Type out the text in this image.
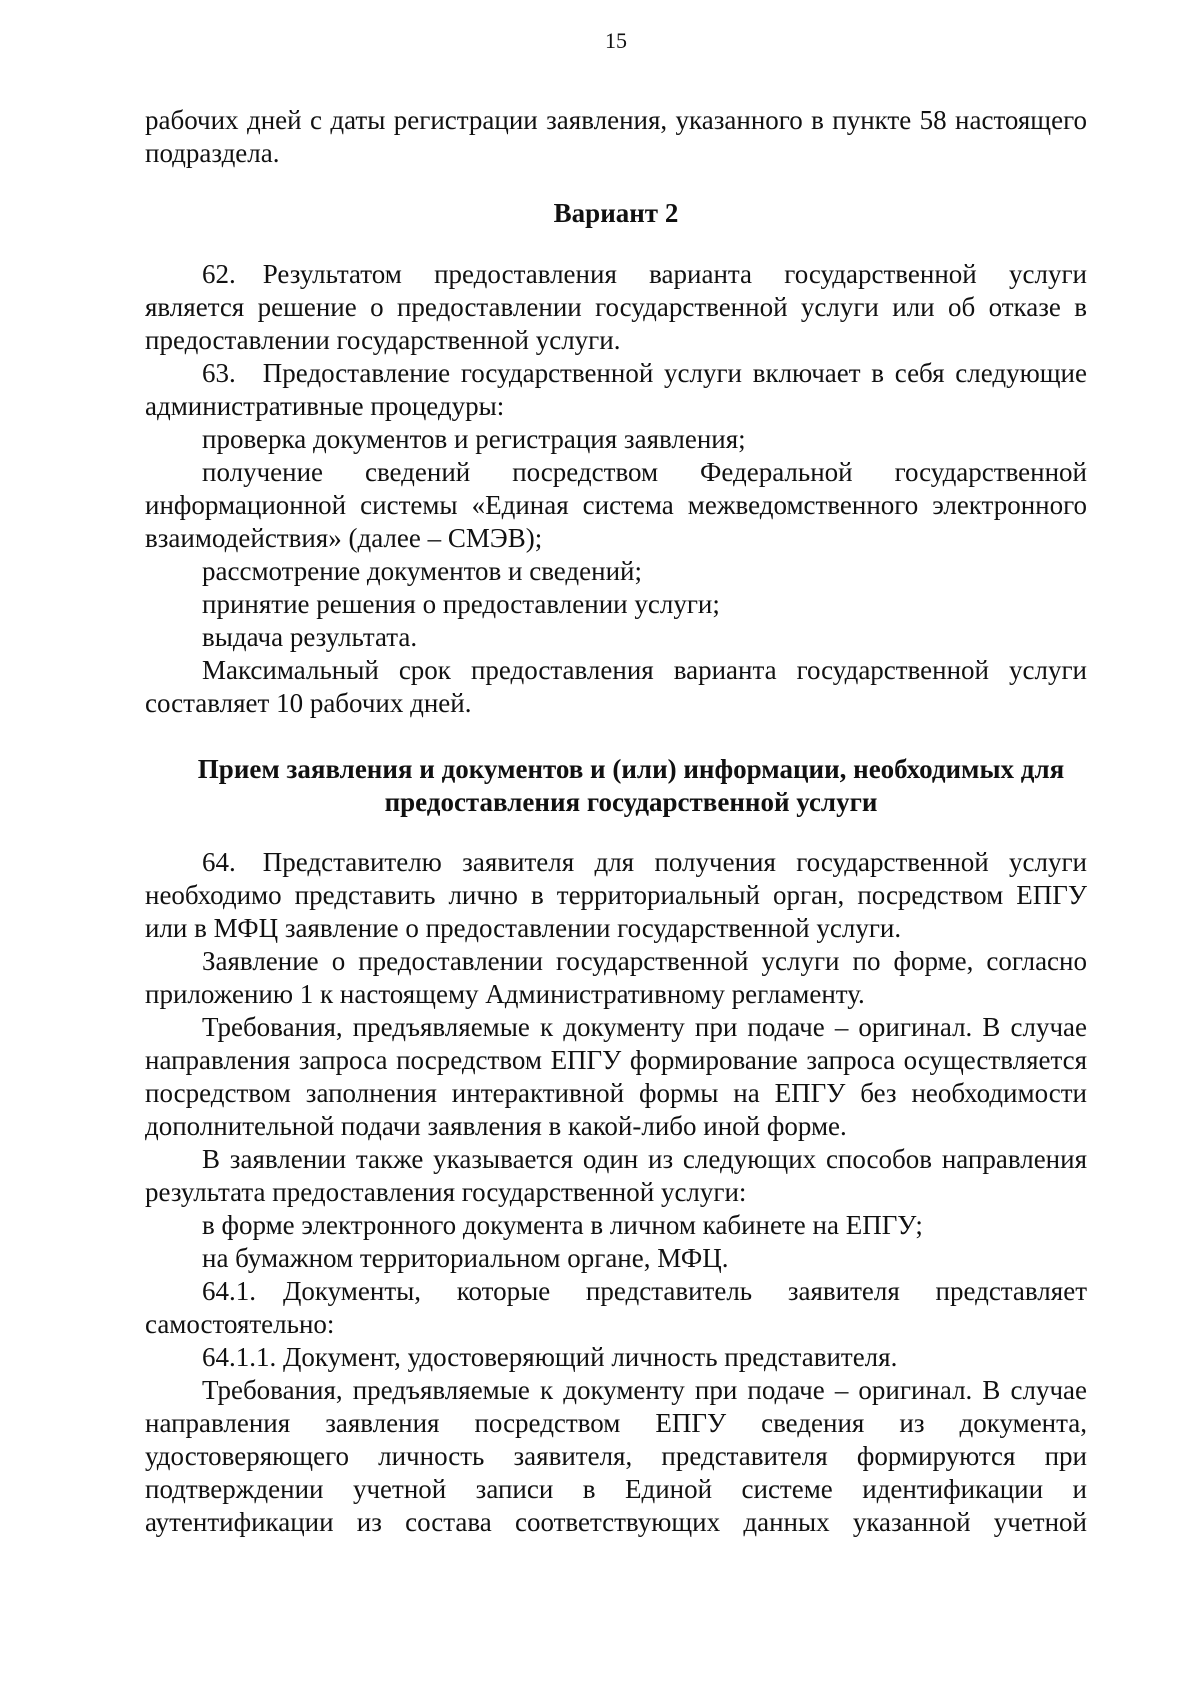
15

рабочих дней с даты регистрации заявления, указанного в пункте 58 настоящего подраздела.

Вариант 2

62. Результатом предоставления варианта государственной услуги является решение о предоставлении государственной услуги или об отказе в предоставлении государственной услуги.

63. Предоставление государственной услуги включает в себя следующие административные процедуры:

проверка документов и регистрация заявления;

получение сведений посредством Федеральной государственной информационной системы «Единая система межведомственного электронного взаимодействия» (далее – СМЭВ);

рассмотрение документов и сведений;

принятие решения о предоставлении услуги;

выдача результата.

Максимальный срок предоставления варианта государственной услуги составляет 10 рабочих дней.

Прием заявления и документов и (или) информации, необходимых для предоставления государственной услуги

64. Представителю заявителя для получения государственной услуги необходимо представить лично в территориальный орган, посредством ЕПГУ или в МФЦ заявление о предоставлении государственной услуги.

Заявление о предоставлении государственной услуги по форме, согласно приложению 1 к настоящему Административному регламенту.

Требования, предъявляемые к документу при подаче – оригинал. В случае направления запроса посредством ЕПГУ формирование запроса осуществляется посредством заполнения интерактивной формы на ЕПГУ без необходимости дополнительной подачи заявления в какой-либо иной форме.

В заявлении также указывается один из следующих способов направления результата предоставления государственной услуги:

в форме электронного документа в личном кабинете на ЕПГУ;

на бумажном территориальном органе, МФЦ.

64.1. Документы, которые представитель заявителя представляет самостоятельно:

64.1.1. Документ, удостоверяющий личность представителя.

Требования, предъявляемые к документу при подаче – оригинал. В случае направления заявления посредством ЕПГУ сведения из документа, удостоверяющего личность заявителя, представителя формируются при подтверждении учетной записи в Единой системе идентификации и аутентификации из состава соответствующих данных указанной учетной
